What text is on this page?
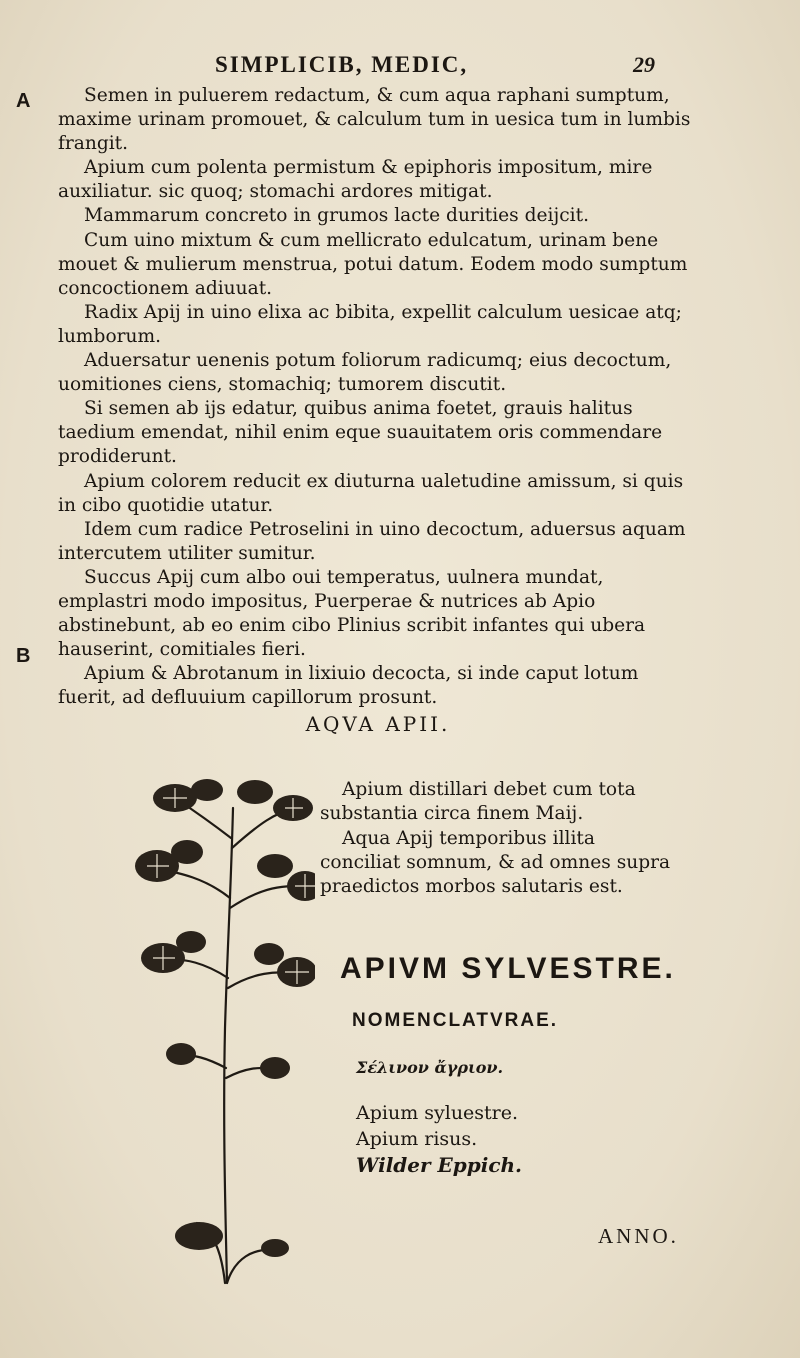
SIMPLICIB, MEDIC,	29
A
B

Semen in puluerem redactum, & cum aqua raphani sumptum, maxime urinam promouet, & calculum tum in uesica tum in lumbis frangit.

Apium cum polenta permistum & epiphoris impositum, mire auxiliatur. sic quoq; stomachi ardores mitigat.

Mammarum concreto in grumos lacte durities deijcit.

Cum uino mixtum & cum mellicrato edulcatum, urinam bene mouet & mulierum menstrua, potui datum. Eodem modo sumptum concoctionem adiuuat.

Radix Apij in uino elixa ac bibita, expellit calculum uesicae atq; lumborum.

Aduersatur uenenis potum foliorum radicumq; eius decoctum, uomitiones ciens, stomachiq; tumorem discutit.

Si semen ab ijs edatur, quibus anima foetet, grauis halitus taedium emendat, nihil enim eque suauitatem oris commendare prodiderunt.

Apium colorem reducit ex diuturna ualetudine amissum, si quis in cibo quotidie utatur.

Idem cum radice Petroselini in uino decoctum, aduersus aquam intercutem utiliter sumitur.

Succus Apij cum albo oui temperatus, uulnera mundat, emplastri modo impositus, Puerperae & nutrices ab Apio abstinebunt, ab eo enim cibo Plinius scribit infantes qui ubera hauserint, comitiales fieri.

Apium & Abrotanum in lixiuio decocta, si inde caput lotum fuerit, ad defluuium capillorum prosunt.

AQVA APII.

Apium distillari debet cum tota substantia circa finem Maij.

Aqua Apij temporibus illita conciliat somnum, & ad omnes supra praedictos morbos salutaris est.

APIVM SYLVESTRE.
NOMENCLATVRAE.
Σέλινον ἄγριον.
Apium syluestre.
Apium risus.
Wilder Eppich.
ANNO.
